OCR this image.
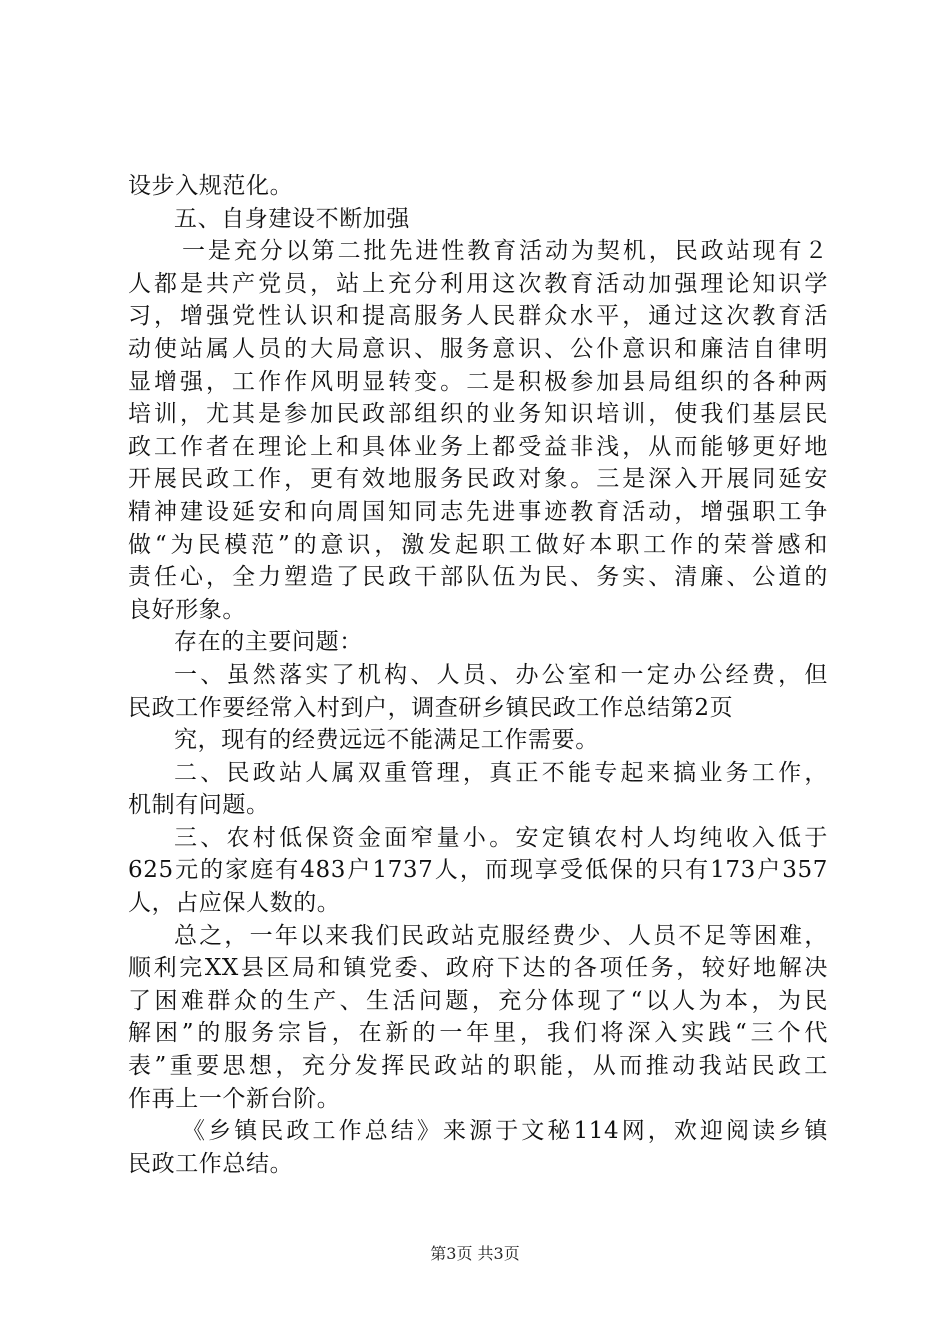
设步入规范化。
五、自身建设不断加强
一是充分以第二批先进性教育活动为契机，民政站现有２
人都是共产党员，站上充分利用这次教育活动加强理论知识学
习，增强党性认识和提高服务人民群众水平，通过这次教育活
动使站属人员的大局意识、服务意识、公仆意识和廉洁自律明
显增强，工作作风明显转变。二是积极参加县局组织的各种两
培训，尤其是参加民政部组织的业务知识培训，使我们基层民
政工作者在理论上和具体业务上都受益非浅，从而能够更好地
开展民政工作，更有效地服务民政对象。三是深入开展同延安
精神建设延安和向周国知同志先进事迹教育活动，增强职工争
做“为民模范”的意识，激发起职工做好本职工作的荣誉感和
责任心，全力塑造了民政干部队伍为民、务实、清廉、公道的
良好形象。
存在的主要问题：
一、虽然落实了机构、人员、办公室和一定办公经费，但
民政工作要经常入村到户，调查研乡镇民政工作总结第2页
究，现有的经费远远不能满足工作需要。
二、民政站人属双重管理，真正不能专起来搞业务工作，
机制有问题。
三、农村低保资金面窄量小。安定镇农村人均纯收入低于
625元的家庭有483户1737人，而现享受低保的只有173户357
人，占应保人数的。
总之，一年以来我们民政站克服经费少、人员不足等困难，
顺利完XX县区局和镇党委、政府下达的各项任务，较好地解决
了困难群众的生产、生活问题，充分体现了“以人为本，为民
解困”的服务宗旨，在新的一年里，我们将深入实践“三个代
表”重要思想，充分发挥民政站的职能，从而推动我站民政工
作再上一个新台阶。
《乡镇民政工作总结》来源于文秘114网，欢迎阅读乡镇
民政工作总结。
第3页 共3页
